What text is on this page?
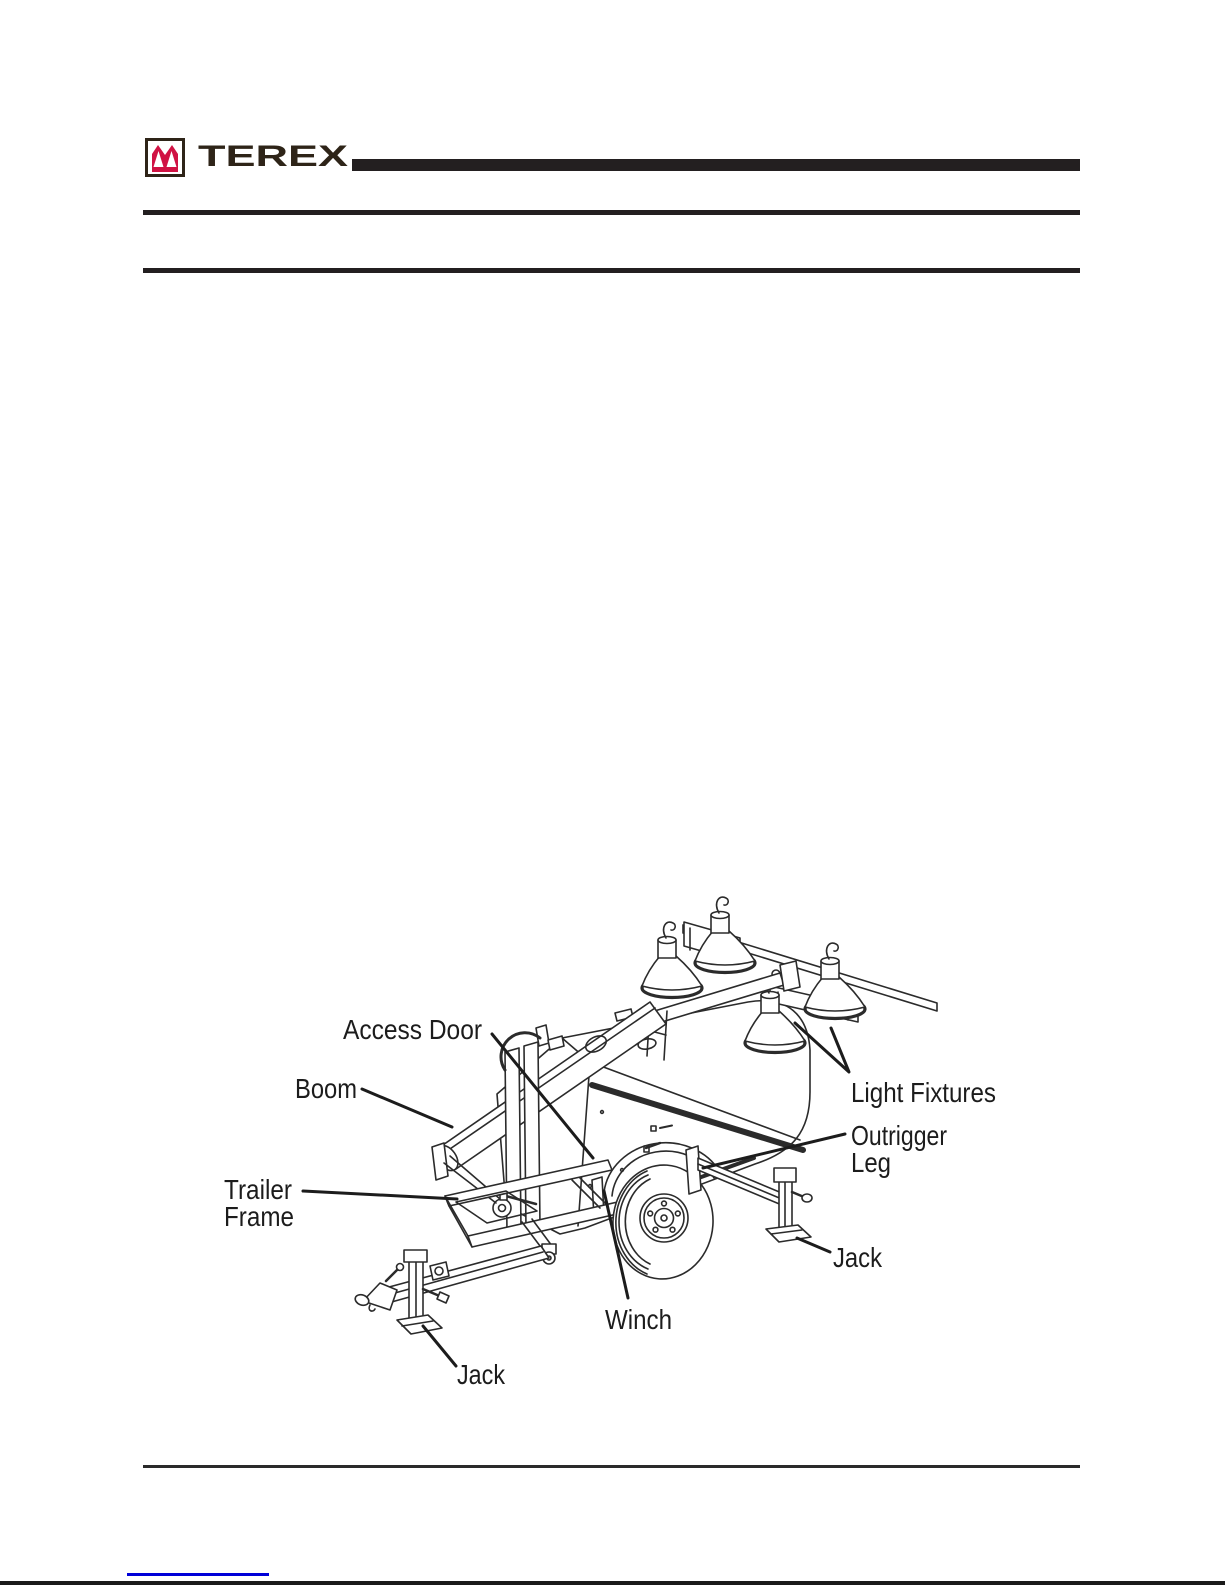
TEREX
Access Door
Boom
Trailer
Frame
Light Fixtures
Outrigger
Leg
Jack
Winch
Jack
